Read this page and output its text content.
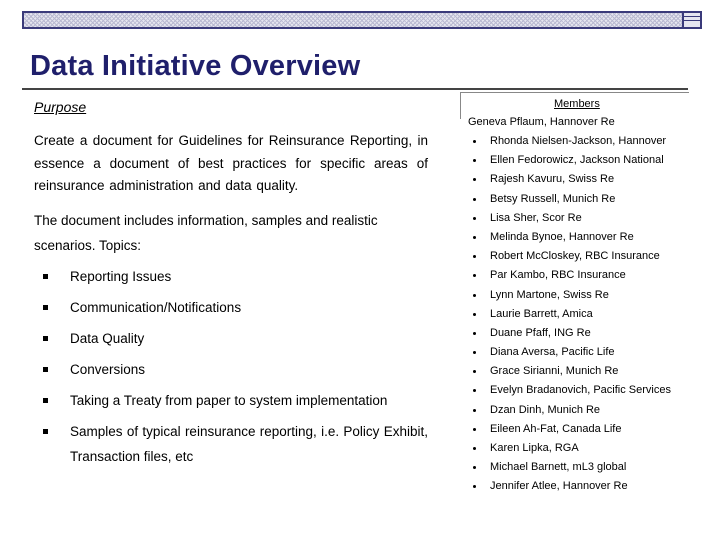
Data Initiative Overview

Purpose

Create a document for Guidelines for Reinsurance Reporting, in essence a document of best practices for specific areas of reinsurance administration and data quality.

The document includes information, samples and realistic scenarios. Topics:

Reporting Issues
Communication/Notifications
Data Quality
Conversions
Taking a Treaty from paper to system implementation
Samples of typical reinsurance reporting, i.e. Policy Exhibit, Transaction files, etc

Members

Geneva Pflaum, Hannover Re

Rhonda Nielsen-Jackson, Hannover
Ellen Fedorowicz, Jackson National
Rajesh Kavuru, Swiss Re
Betsy Russell, Munich Re
Lisa Sher, Scor Re
Melinda Bynoe, Hannover Re
Robert McCloskey, RBC Insurance
Par Kambo, RBC Insurance
Lynn Martone, Swiss Re
Laurie Barrett, Amica
Duane Pfaff, ING Re
Diana Aversa, Pacific Life
Grace Sirianni, Munich Re
Evelyn Bradanovich, Pacific Services
Dzan Dinh, Munich Re
Eileen Ah-Fat, Canada Life
Karen Lipka, RGA
Michael Barnett, mL3 global
Jennifer Atlee, Hannover Re
